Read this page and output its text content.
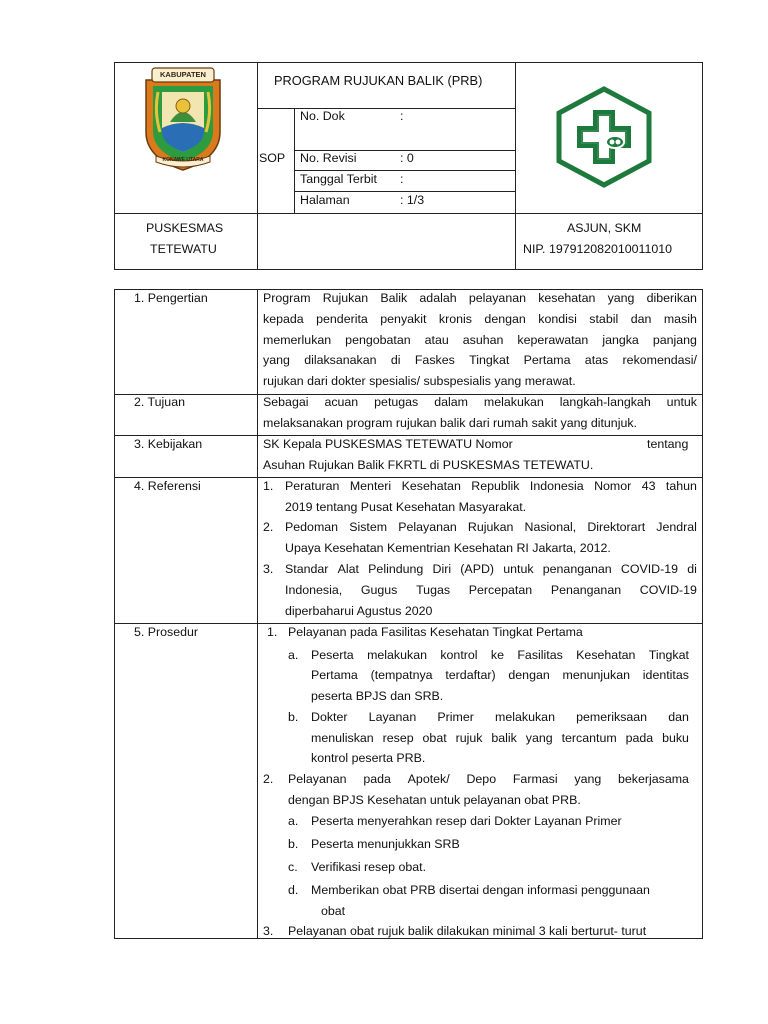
KABUPATEN
KONAWE UTARA
PROGRAM RUJUKAN BALIK (PRB)
SOP
No. Dok	:
No. Revisi	: 0
Tanggal Terbit :
Halaman	: 1/3
PUSKESMAS
TETEWATU
ASJUN, SKM
NIP. 197912082010011010
1. Pengertian	Program Rujukan Balik adalah pelayanan kesehatan yang diberikan
kepada penderita penyakit kronis dengan kondisi stabil dan masih
memerlukan pengobatan atau asuhan keperawatan jangka panjang
yang dilaksanakan di Faskes Tingkat Pertama atas rekomendasi/
rujukan dari dokter spesialis/ subspesialis yang merawat.
2. Tujuan	Sebagai acuan petugas dalam melakukan langkah-langkah untuk
melaksanakan program rujukan balik dari rumah sakit yang ditunjuk.
3. Kebijakan	SK Kepala PUSKESMAS TETEWATU Nomor	tentang
Asuhan Rujukan Balik FKRTL di PUSKESMAS TETEWATU.
4. Referensi	1. Peraturan Menteri Kesehatan Republik Indonesia Nomor 43 tahun
2019 tentang Pusat Kesehatan Masyarakat.
2. Pedoman Sistem Pelayanan Rujukan Nasional, Direktorart Jendral
Upaya Kesehatan Kementrian Kesehatan RI Jakarta, 2012.
3. Standar Alat Pelindung Diri (APD) untuk penanganan COVID-19 di
Indonesia, Gugus Tugas Percepatan Penanganan COVID-19
diperbaharui Agustus 2020
5. Prosedur	1. Pelayanan pada Fasilitas Kesehatan Tingkat Pertama
a. Peserta melakukan kontrol ke Fasilitas Kesehatan Tingkat
Pertama (tempatnya terdaftar) dengan menunjukan identitas
peserta BPJS dan SRB.
b. Dokter Layanan Primer melakukan pemeriksaan dan
menuliskan resep obat rujuk balik yang tercantum pada buku
kontrol peserta PRB.
2. Pelayanan pada Apotek/ Depo Farmasi yang bekerjasama
dengan BPJS Kesehatan untuk pelayanan obat PRB.
a. Peserta menyerahkan resep dari Dokter Layanan Primer
b. Peserta menunjukkan SRB
c. Verifikasi resep obat.
d. Memberikan obat PRB disertai dengan informasi penggunaan
obat
3. Pelayanan obat rujuk balik dilakukan minimal 3 kali berturut- turut
